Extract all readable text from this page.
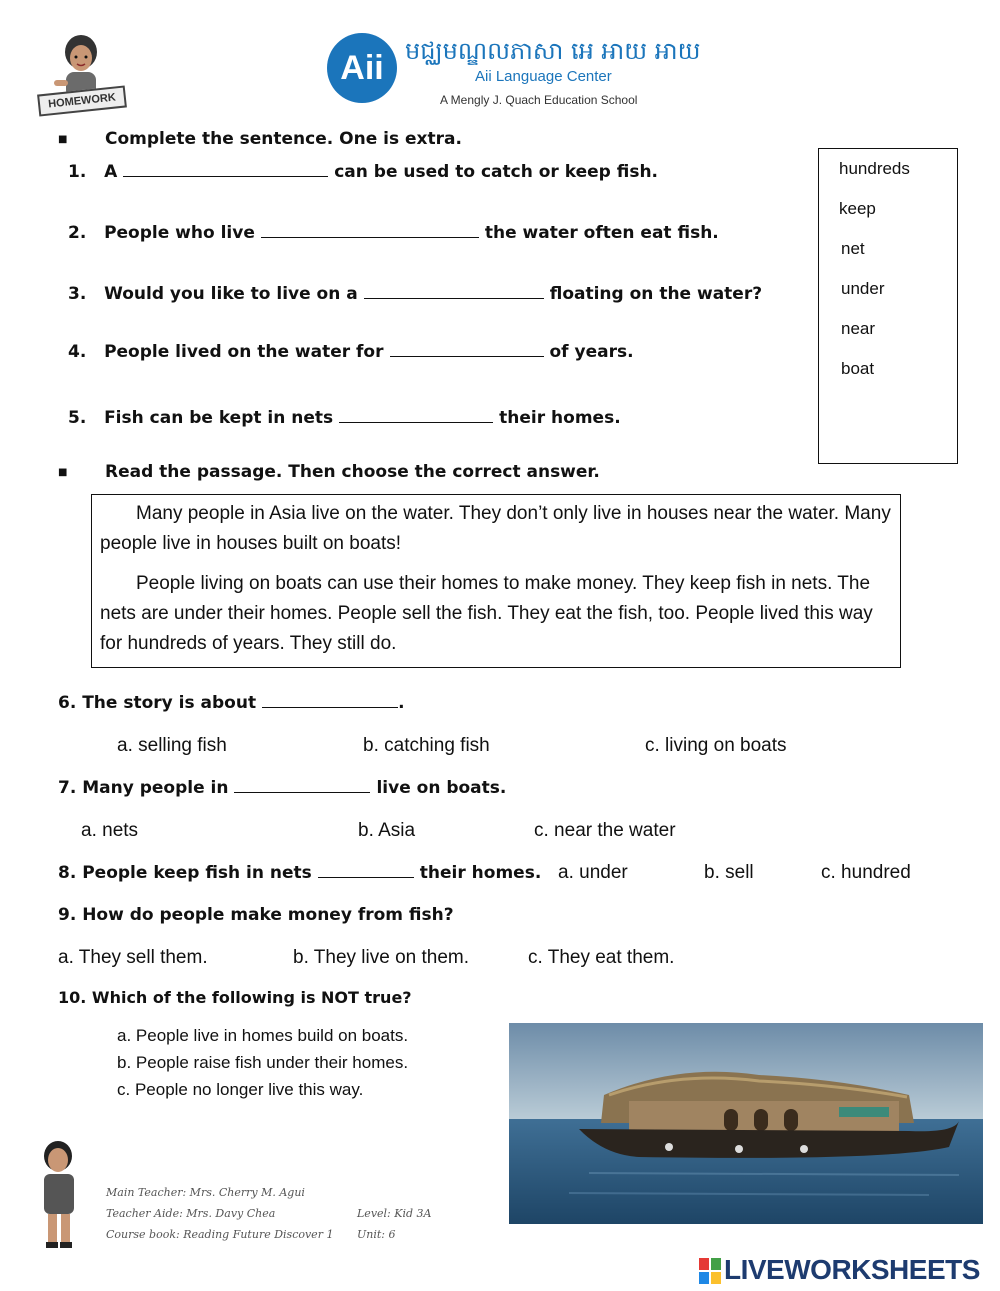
HOMEWORK
Aii មជ្ឈមណ្ឌលភាសា អេ អាយ អាយ
Aii Language Center
A Mengly J. Quach Education School
■ Complete the sentence. One is extra.
1. A	can be used to catch or keep fish.
2. People who live	the water often eat fish.
3. Would you like to live on a	floating on the water?
4. People lived on the water for	of years.
5. Fish can be kept in nets	their homes.
hundreds
keep
net
under
near
boat
■ Read the passage. Then choose the correct answer.

Many people in Asia live on the water. They don’t only live in houses near the water. Many people live in houses built on boats!

People living on boats can use their homes to make money. They keep fish in nets. The nets are under their homes. People sell the fish. They eat the fish, too. People lived this way for hundreds of years. They still do.

6. The story is about	.
a. selling fish	b. catching fish	c. living on boats
7. Many people in	live on boats.
a. nets	b. Asia	c. near the water
8. People keep fish in nets	their homes. a. under	b. sell	c. hundred
9. How do people make money from fish?
a. They sell them.	b. They live on them.	c. They eat them.
10. Which of the following is NOT true?
a. People live in homes build on boats.
b. People raise fish under their homes.
c. People no longer live this way.
Main Teacher: Mrs. Cherry M. Agui
Teacher Aide: Mrs. Davy Chea	Level: Kid 3A
Course book: Reading Future Discover 1 Unit: 6
LIVEWORKSHEETS
